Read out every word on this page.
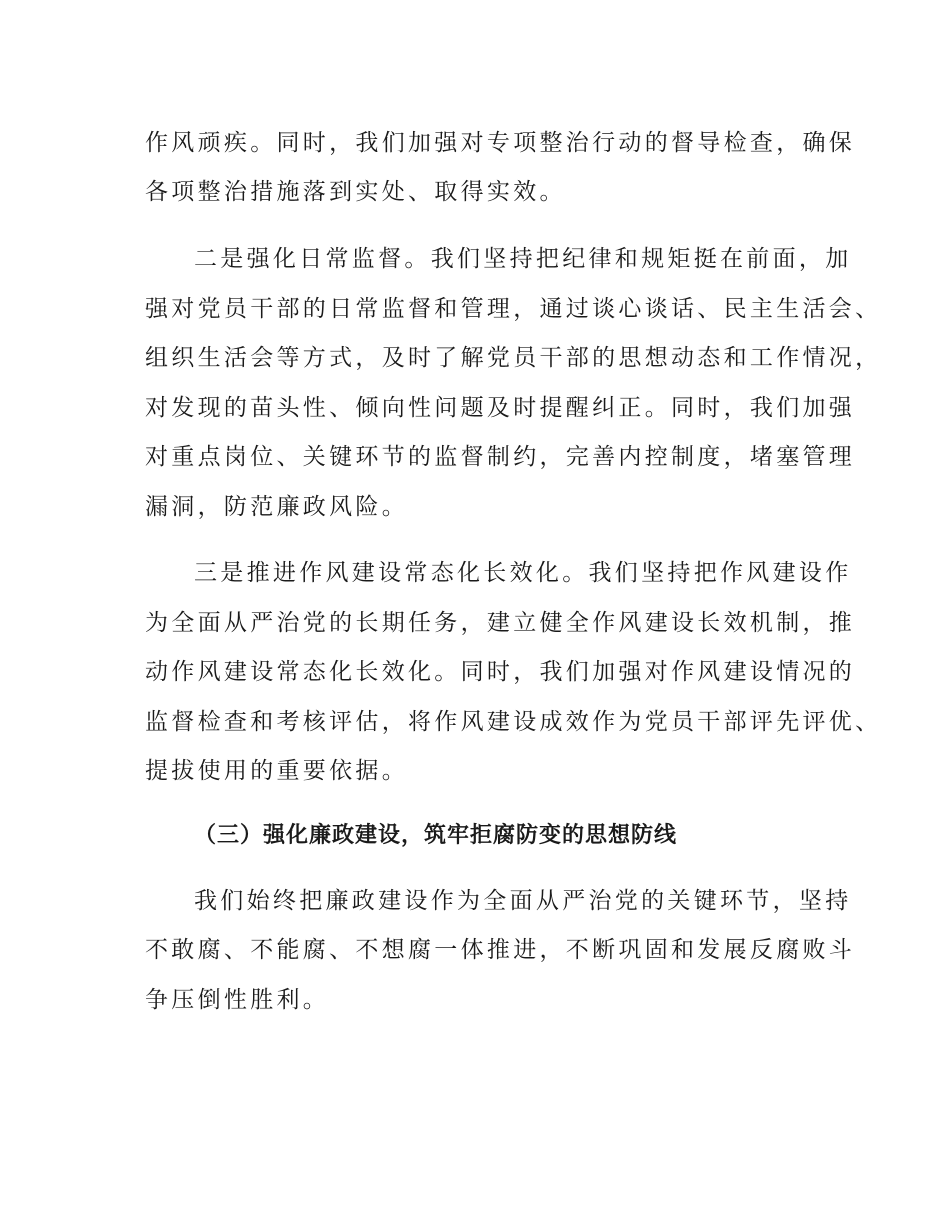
作风顽疾。同时，我们加强对专项整治行动的督导检查，确保

各项整治措施落到实处、取得实效。

二是强化日常监督。我们坚持把纪律和规矩挺在前面，加

强对党员干部的日常监督和管理，通过谈心谈话、民主生活会、

组织生活会等方式，及时了解党员干部的思想动态和工作情况，

对发现的苗头性、倾向性问题及时提醒纠正。同时，我们加强

对重点岗位、关键环节的监督制约，完善内控制度，堵塞管理

漏洞，防范廉政风险。

三是推进作风建设常态化长效化。我们坚持把作风建设作

为全面从严治党的长期任务，建立健全作风建设长效机制，推

动作风建设常态化长效化。同时，我们加强对作风建设情况的

监督检查和考核评估，将作风建设成效作为党员干部评先评优、

提拔使用的重要依据。

（三）强化廉政建设，筑牢拒腐防变的思想防线

我们始终把廉政建设作为全面从严治党的关键环节，坚持

不敢腐、不能腐、不想腐一体推进，不断巩固和发展反腐败斗

争压倒性胜利。
